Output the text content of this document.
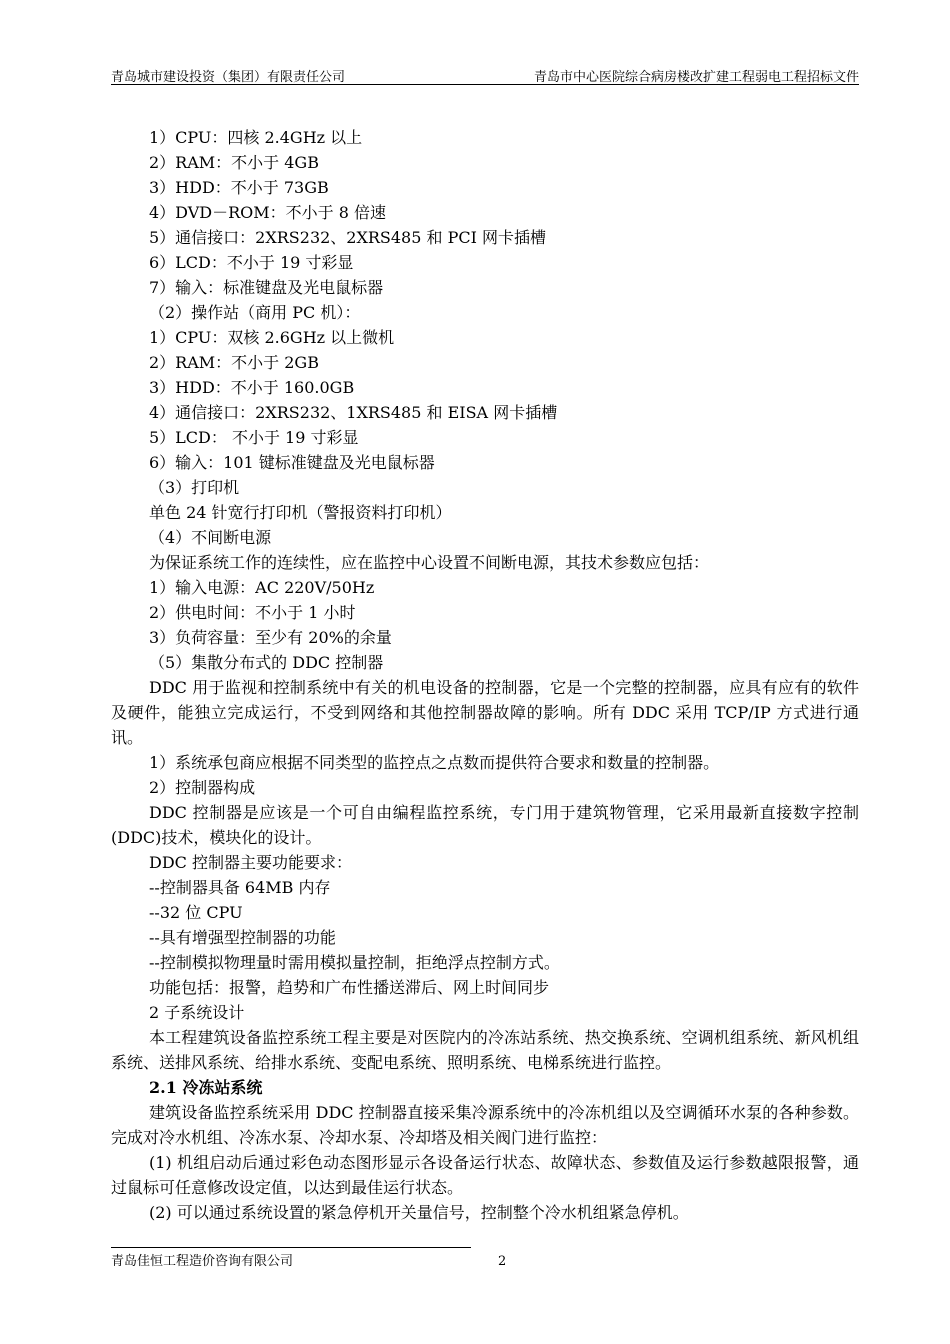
青岛城市建设投资（集团）有限责任公司	青岛市中心医院综合病房楼改扩建工程弱电工程招标文件
1）CPU：四核 2.4GHz 以上
2）RAM：不小于 4GB
3）HDD：不小于 73GB
4）DVD－ROM：不小于 8 倍速
5）通信接口：2XRS232、2XRS485 和 PCI 网卡插槽
6）LCD：不小于 19 寸彩显
7）输入：标准键盘及光电鼠标器
（2）操作站（商用 PC 机）：
1）CPU：双核 2.6GHz 以上微机
2）RAM：不小于 2GB
3）HDD：不小于 160.0GB
4）通信接口：2XRS232、1XRS485 和 EISA 网卡插槽
5）LCD： 不小于 19 寸彩显
6）输入：101 键标准键盘及光电鼠标器
（3）打印机
单色 24 针宽行打印机（警报资料打印机）
（4）不间断电源
为保证系统工作的连续性，应在监控中心设置不间断电源，其技术参数应包括：
1）输入电源：AC 220V/50Hz
2）供电时间：不小于 1 小时
3）负荷容量：至少有 20%的余量
（5）集散分布式的 DDC 控制器
DDC 用于监视和控制系统中有关的机电设备的控制器，它是一个完整的控制器，应具有应有的软件及硬件，能独立完成运行，不受到网络和其他控制器故障的影响。所有 DDC 采用 TCP/IP 方式进行通讯。
1）系统承包商应根据不同类型的监控点之点数而提供符合要求和数量的控制器。
2）控制器构成
DDC 控制器是应该是一个可自由编程监控系统，专门用于建筑物管理，它采用最新直接数字控制(DDC)技术，模块化的设计。
DDC 控制器主要功能要求：
--控制器具备 64MB 内存
--32 位 CPU
--具有增强型控制器的功能
--控制模拟物理量时需用模拟量控制，拒绝浮点控制方式。
功能包括：报警，趋势和广布性播送滞后、网上时间同步
2 子系统设计
本工程建筑设备监控系统工程主要是对医院内的冷冻站系统、热交换系统、空调机组系统、新风机组系统、送排风系统、给排水系统、变配电系统、照明系统、电梯系统进行监控。
2.1 冷冻站系统
建筑设备监控系统采用 DDC 控制器直接采集冷源系统中的冷冻机组以及空调循环水泵的各种参数。完成对冷水机组、冷冻水泵、冷却水泵、冷却塔及相关阀门进行监控：
(1) 机组启动后通过彩色动态图形显示各设备运行状态、故障状态、参数值及运行参数越限报警，通过鼠标可任意修改设定值，以达到最佳运行状态。
(2) 可以通过系统设置的紧急停机开关量信号，控制整个冷水机组紧急停机。
青岛佳恒工程造价咨询有限公司	2
